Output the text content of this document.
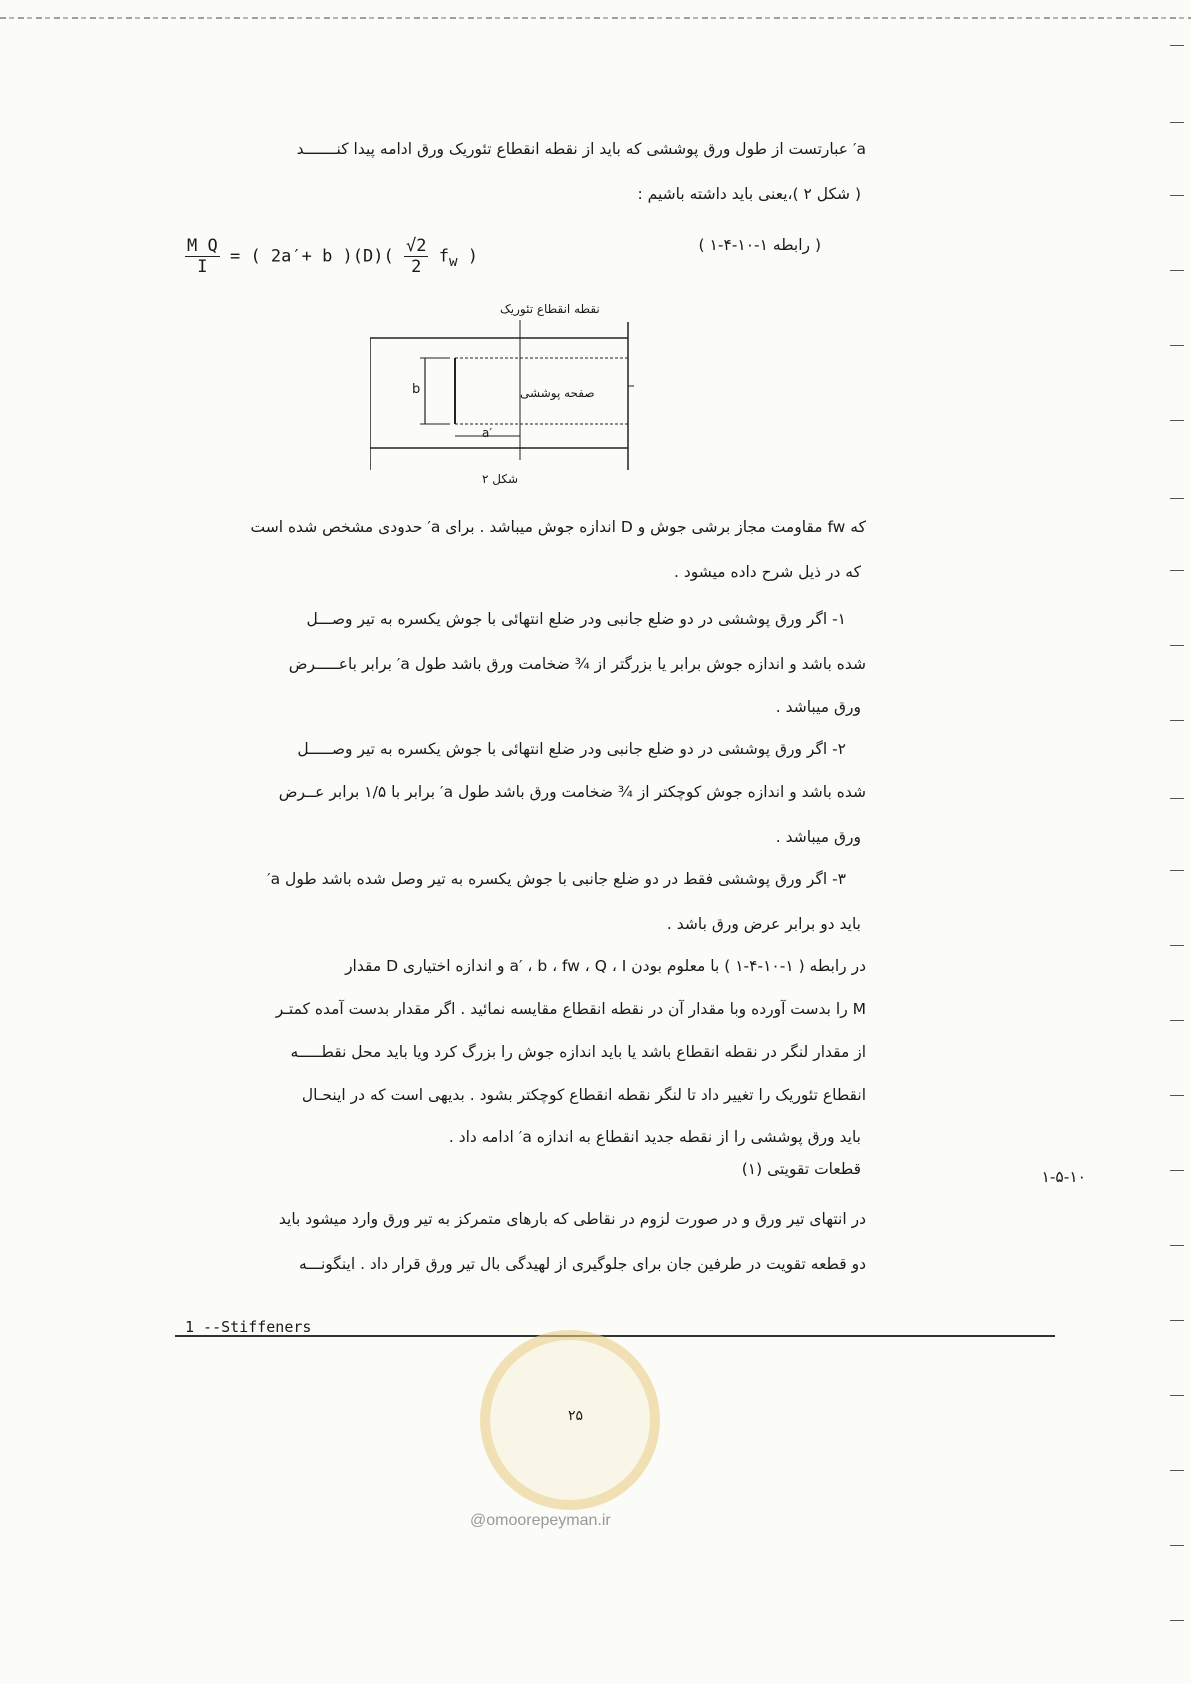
a′ عبارتست از طول ورق پوششی که باید از نقطه انقطاع تئوریک ورق ادامه پیدا کنـــــــد
( شکل ۲ )،یعنی باید داشته باشیم :
$\frac{\text{M Q}}{I}$ = ( 2a′+ b )$(D)( \frac{√2}{2} f_w$ )
( رابطه ۱-۱۰-۴-۱ )
نقطه انقطاع تئوریک
b	صفحه پوششی
a′
شکل ۲
که fw مقاومت مجاز برشی جوش و D اندازه جوش میباشد . برای a′ حدودی مشخص شده است
که در ذیل شرح داده میشود .
۱- اگر ورق پوششی در دو ضلع جانبی ودر ضلع انتهائی با جوش یکسره به تیر وصـــل
شده باشد و اندازه جوش برابر یا بزرگتر از ¾ ضخامت ورق باشد طول a′ برابر باعـــــرض
ورق میباشد .
۲- اگر ورق پوششی در دو ضلع جانبی ودر ضلع انتهائی با جوش یکسره به تیر وصـــــل
شده باشد و اندازه جوش کوچکتر از ¾ ضخامت ورق باشد طول a′ برابر با ۱/۵ برابر عــرض
ورق میباشد .
۳- اگر ورق پوششی فقط در دو ضلع جانبی با جوش یکسره به تیر وصل شده باشد طول a′
باید دو برابر عرض ورق باشد .
در رابطه ( ۱-۱۰-۴-۱ ) با معلوم بودن a′ ، b ، fw ، Q ، I و اندازه اختیاری D مقدار
M را بدست آورده وبا مقدار آن در نقطه انقطاع مقایسه نمائید . اگر مقدار بدست آمده کمتـر
از مقدار لنگر در نقطه انقطاع باشد یا باید اندازه جوش را بزرگ کرد ویا باید محل نقطـــــه
انقطاع تئوریک را تغییر داد تا لنگر نقطه انقطاع کوچکتر بشود . بدیهی است که در اینحـال
باید ورق پوششی را از نقطه جدید انقطاع به اندازه a′ ادامه داد .
۱-۵-۱۰
قطعات تقویتی (۱)
در انتهای تیر ورق و در صورت لزوم در نقاطی که بارهای متمرکز به تیر ورق وارد میشود باید
دو قطعه تقویت در طرفین جان برای جلوگیری از لهیدگی بال تیر ورق قرار داد . اینگونـــه
1 --Stiffeners
۲۵
@omoorepeyman.ir
